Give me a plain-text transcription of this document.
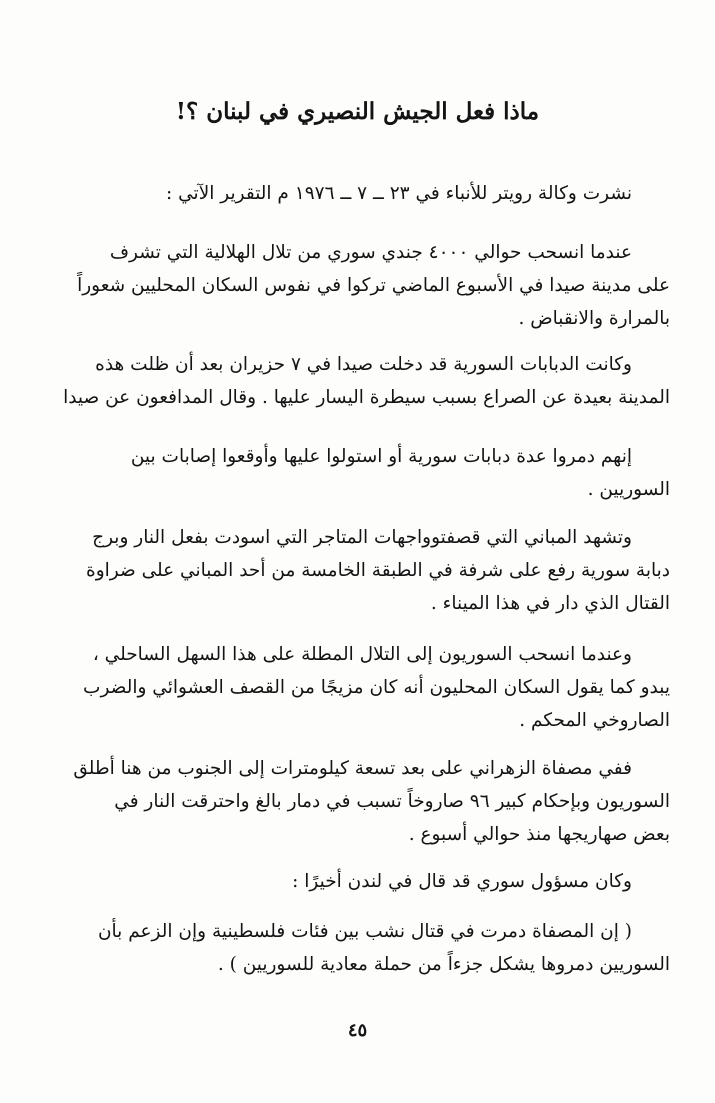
ماذا فعل الجيش النصيري في لبنان ؟!
نشرت وكالة رويتر للأنباء في ٢٣ ــ ٧ ــ ١٩٧٦ م التقرير الآتي :
عندما انسحب حوالي ٤٠٠٠ جندي سوري من تلال الهلالية التي تشرف
على مدينة صيدا في الأسبوع الماضي تركوا في نفوس السكان المحليين شعوراً
بالمرارة والانقباض .
وكانت الدبابات السورية قد دخلت صيدا في ٧ حزيران بعد أن ظلت هذه
المدينة بعيدة عن الصراع بسبب سيطرة اليسار عليها . وقال المدافعون عن صيدا
إنهم دمروا عدة دبابات سورية أو استولوا عليها وأوقعوا إصابات بين
السوريين .
وتشهد المباني التي قصفتوواجهات المتاجر التي اسودت بفعل النار وبرج
دبابة سورية رفع على شرفة في الطبقة الخامسة من أحد المباني على ضراوة
القتال الذي دار في هذا الميناء .
وعندما انسحب السوريون إلى التلال المطلة على هذا السهل الساحلي ،
يبدو كما يقول السكان المحليون أنه كان مزيجًا من القصف العشوائي والضرب
الصاروخي المحكم .
ففي مصفاة الزهراني على بعد تسعة كيلومترات إلى الجنوب من هنا أطلق
السوريون وبإحكام كبير ٩٦ صاروخاً تسبب في دمار بالغ واحترقت النار في
بعض صهاريجها منذ حوالي أسبوع .
وكان مسؤول سوري قد قال في لندن أخيرًا :
( إن المصفاة دمرت في قتال نشب بين فئات فلسطينية وإن الزعم بأن
السوريين دمروها يشكل جزءاً من حملة معادية للسوريين ) .
٤٥
